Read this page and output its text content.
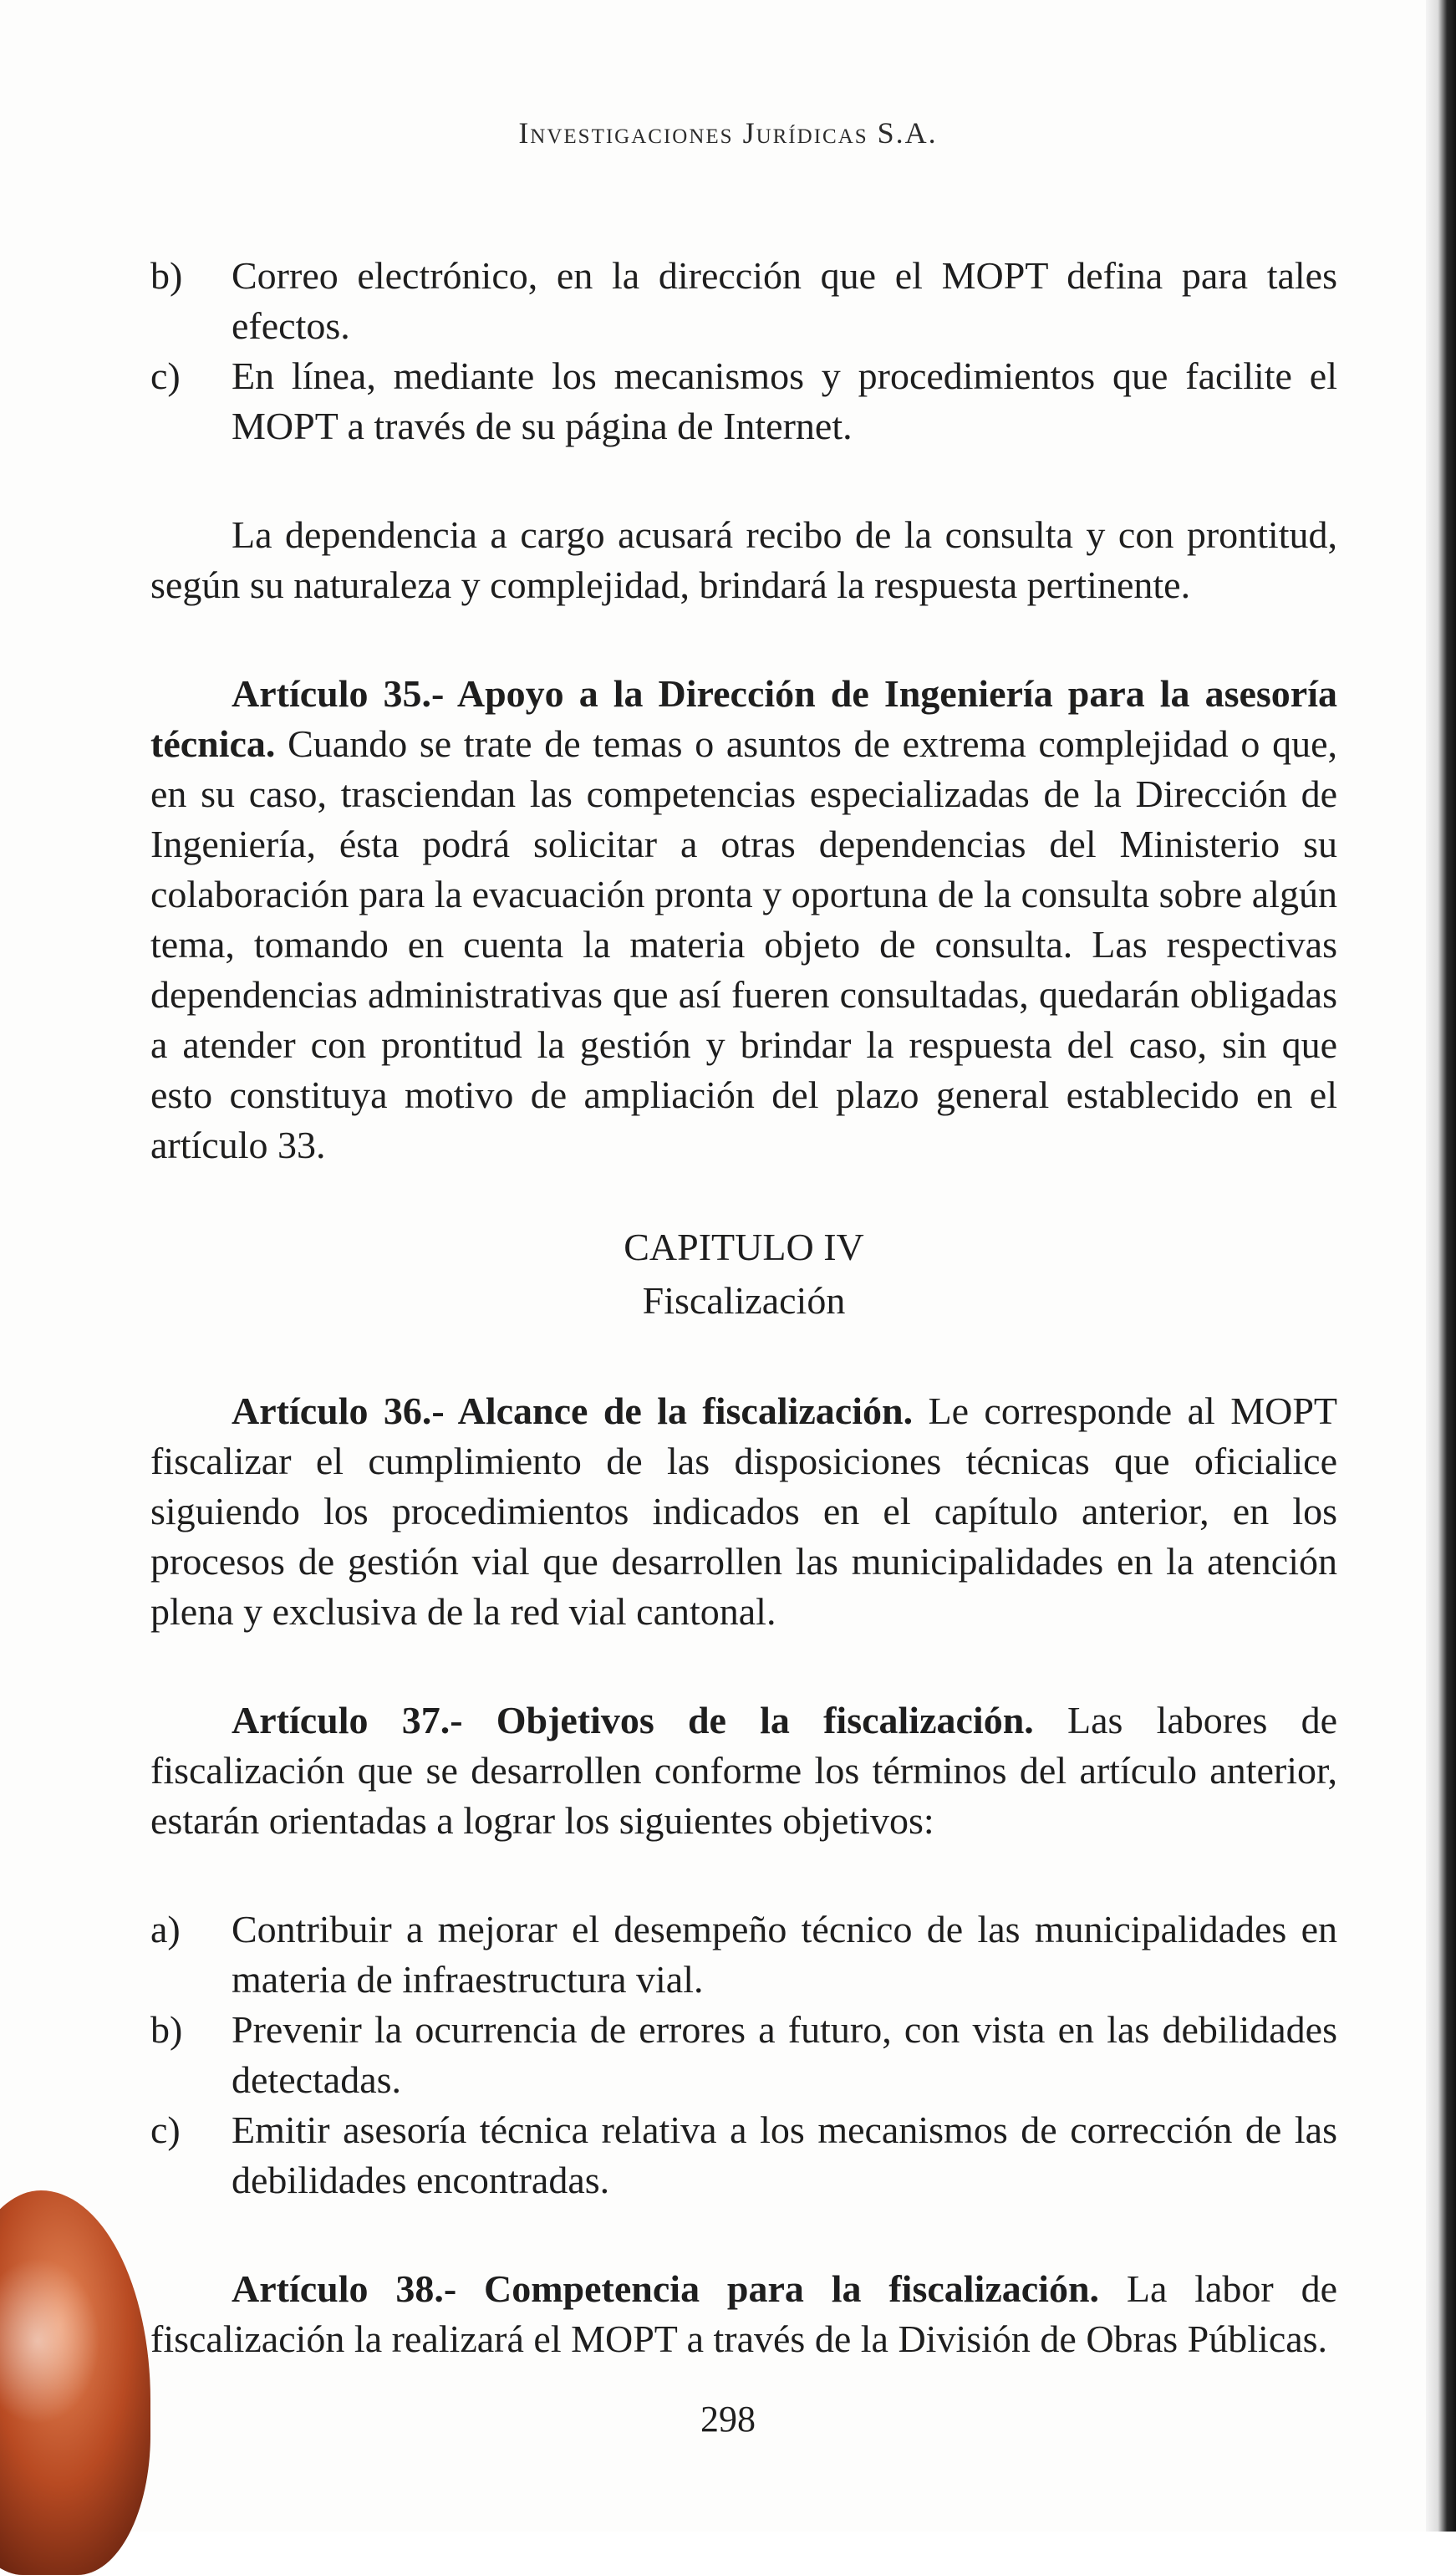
Investigaciones Jurídicas S.A.
b)	Correo electrónico, en la dirección que el MOPT defina para tales efectos.
c)	En línea, mediante los mecanismos y procedimientos que facilite el MOPT a través de su página de Internet.

La dependencia a cargo acusará recibo de la consulta y con prontitud, según su naturaleza y complejidad, brindará la respuesta pertinente.

Artículo 35.- Apoyo a la Dirección de Ingeniería para la asesoría técnica. Cuando se trate de temas o asuntos de extrema complejidad o que, en su caso, trasciendan las competencias especializadas de la Dirección de Ingeniería, ésta podrá solicitar a otras dependencias del Ministerio su colaboración para la evacuación pronta y oportuna de la consulta sobre algún tema, tomando en cuenta la materia objeto de consulta. Las respectivas dependencias administrativas que así fueren consultadas, quedarán obligadas a atender con prontitud la gestión y brindar la respuesta del caso, sin que esto constituya motivo de ampliación del plazo general establecido en el artículo 33.

CAPITULO IV
Fiscalización

Artículo 36.- Alcance de la fiscalización. Le corresponde al MOPT fiscalizar el cumplimiento de las disposiciones técnicas que oficialice siguiendo los procedimientos indicados en el capítulo anterior, en los procesos de gestión vial que desarrollen las municipalidades en la atención plena y exclusiva de la red vial cantonal.

Artículo 37.- Objetivos de la fiscalización. Las labores de fiscalización que se desarrollen conforme los términos del artículo anterior, estarán orientadas a lograr los siguientes objetivos:

a)	Contribuir a mejorar el desempeño técnico de las municipalidades en materia de infraestructura vial.
b)	Prevenir la ocurrencia de errores a futuro, con vista en las debilidades detectadas.
c)	Emitir asesoría técnica relativa a los mecanismos de corrección de las debilidades encontradas.

Artículo 38.- Competencia para la fiscalización. La labor de fiscalización la realizará el MOPT a través de la División de Obras Públicas.

298
